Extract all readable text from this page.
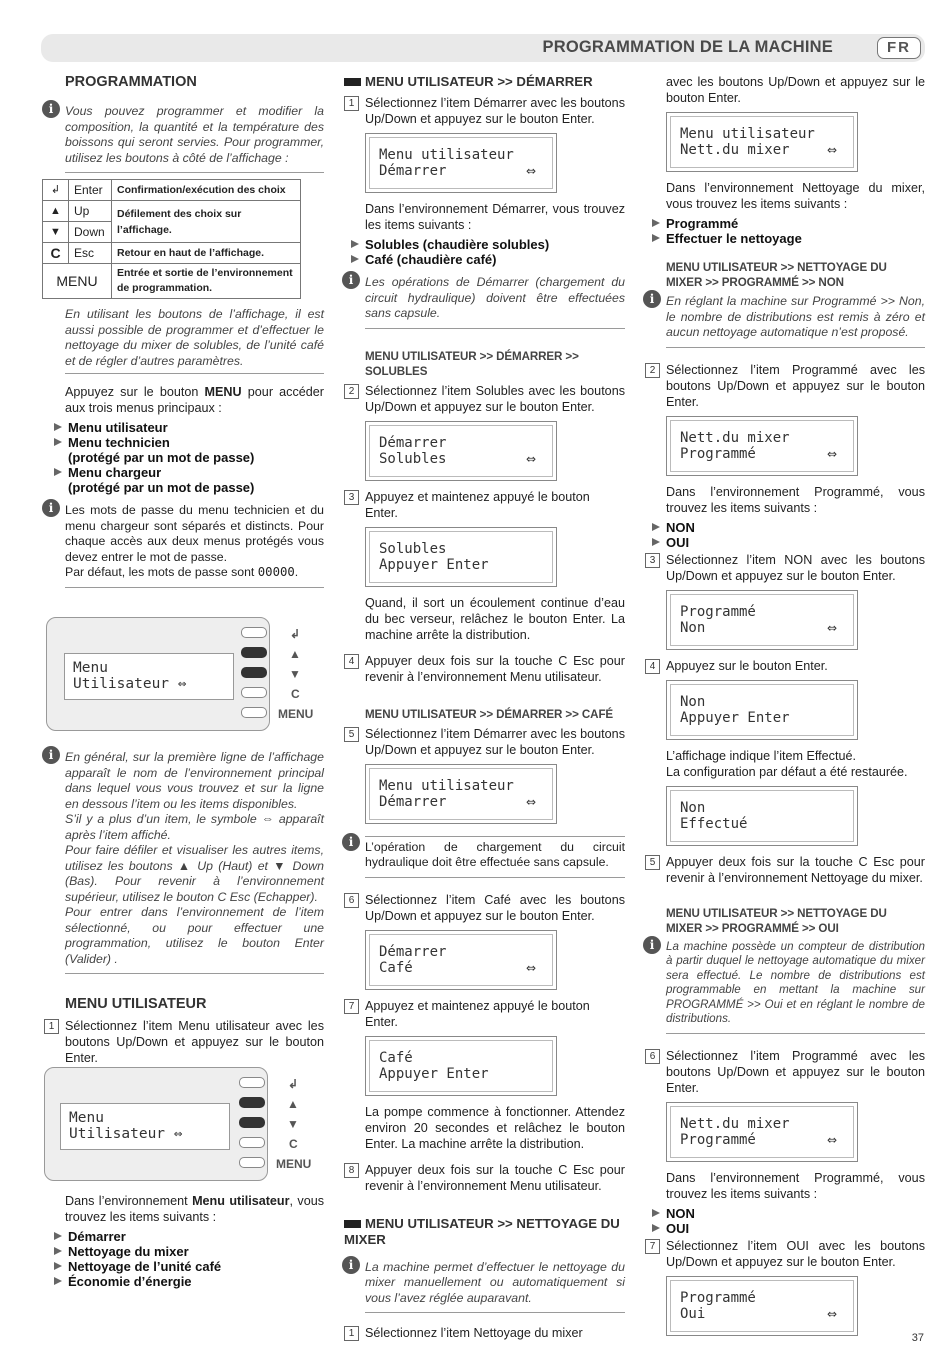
PROGRAMMATION DE LA MACHINE	FR
PROGRAMMATION
i Vous pouvez programmer et modifier la composition, la quantité et la température des boissons qui seront servies. Pour programmer, utilisez les boutons à côté de l’affichage :
↲	Enter	Confirmation/exécution des choix
▲	Up	Défilement des choix sur l’affichage.
▼	Down	
C	Esc	Retour en haut de l’affichage.
MENU		Entrée et sortie de l’environnement de programmation.
En utilisant les boutons de l’affichage, il est aussi possible de programmer et d’effectuer le nettoyage du mixer de solubles, de l’unité café et de régler d’autres paramètres.

Appuyez sur le bouton MENU pour accéder aux trois menus principaux :

Menu utilisateur
Menu technicien
(protégé par un mot de passe)
Menu chargeur
(protégé par un mot de passe)
i Les mots de passe du menu technicien et du menu chargeur sont séparés et distincts. Pour chaque accès aux deux menus protégés vous devez entrer le mot de passe.
Par défaut, les mots de passe sont 00000.
Menu
Utilisateur ⇔
↲
▲
▼
C
MENU
i En général, sur la première ligne de l’affichage apparaît le nom de l’environnement principal dans lequel vous vous trouvez et sur la ligne en dessous l’item ou les items disponibles.
S’il y a plus d’un item, le symbole ⇔ apparaît après l’item affiché.
Pour faire défiler et visualiser les autres items, utilisez les boutons ▲ Up (Haut) et ▼ Down (Bas). Pour revenir à l’environnement supérieur, utilisez le bouton C Esc (Echapper).
Pour entrer dans l’environnement de l’item sélectionné, ou pour effectuer une programmation, utilisez le bouton Enter (Valider) .
MENU UTILISATEUR
1 Sélectionnez l’item Menu utilisateur avec les boutons Up/Down et appuyez sur le bouton Enter.
Menu
Utilisateur ⇔
↲
▲
▼
C
MENU

Dans l’environnement Menu utilisateur, vous trouvez les items suivants :

Démarrer
Nettoyage du mixer
Nettoyage de l’unité café
Économie d’énergie
MENU UTILISATEUR >> DÉMARRER
1 Sélectionnez l’item Démarrer avec les boutons Up/Down et appuyez sur le bouton Enter.
Menu utilisateur
Démarrer	⇔

Dans l’environnement Démarrer, vous trouvez les items suivants :

Solubles (chaudière solubles)
Café (chaudière café)
i Les opérations de Démarrer (chargement du circuit hydraulique) doivent être effectuées sans capsule.
MENU UTILISATEUR >> DÉMARRER >> SOLUBLES
2 Sélectionnez l’item Solubles avec les boutons Up/Down et appuyez sur le bouton Enter.
Démarrer
Solubles	⇔
3 Appuyez et maintenez appuyé le bouton Enter.
Solubles
Appuyer Enter

Quand, il sort un écoulement continue d’eau du bec verseur, relâchez le bouton Enter. La machine arrête la distribution.

4 Appuyer deux fois sur la touche C Esc pour revenir à l’environnement Menu utilisateur.
MENU UTILISATEUR >> DÉMARRER >> CAFÉ
5 Sélectionnez l’item Démarrer avec les boutons Up/Down et appuyez sur le bouton Enter.
Menu utilisateur
Démarrer	⇔
i L’opération de chargement du circuit hydraulique doit être effectuée sans capsule.
6 Sélectionnez l’item Café avec les boutons Up/Down et appuyez sur le bouton Enter.
Démarrer
Café	⇔
7 Appuyez et maintenez appuyé le bouton Enter.
Café
Appuyer Enter

La pompe commence à fonctionner. Attendez environ 20 secondes et relâchez le bouton Enter. La machine arrête la distribution.

8 Appuyer deux fois sur la touche C Esc pour revenir à l’environnement Menu utilisateur.
MENU UTILISATEUR >> NETTOYAGE DU MIXER
i La machine permet d’effectuer le nettoyage du mixer manuellement ou automatiquement si vous l’avez réglée auparavant.
1 Sélectionnez l’item Nettoyage du mixer

avec les boutons Up/Down et appuyez sur le bouton Enter.

Menu utilisateur
Nett.du mixer	⇔

Dans l’environnement Nettoyage du mixer, vous trouvez les items suivants :

Programmé
Effectuer le nettoyage
MENU UTILISATEUR >> NETTOYAGE DU MIXER >> PROGRAMMÉ >> NON
i En réglant la machine sur Programmé >> Non, le nombre de distributions est remis à zéro et aucun nettoyage automatique n’est proposé.
2 Sélectionnez l’item Programmé avec les boutons Up/Down et appuyez sur le bouton Enter.
Nett.du mixer
Programmé	⇔

Dans l’environnement Programmé, vous trouvez les items suivants :

NON
OUI
3 Sélectionnez l’item NON avec les boutons Up/Down et appuyez sur le bouton Enter.
Programmé
Non	⇔
4 Appuyez sur le bouton Enter.
Non
Appuyer Enter

L’affichage indique l’item Effectué.

La configuration par défaut a été restaurée.

Non
Effectué
5 Appuyer deux fois sur la touche C Esc pour revenir à l’environnement Nettoyage du mixer.
MENU UTILISATEUR >> NETTOYAGE DU MIXER >> PROGRAMMÉ >> OUI
i	La machine possède un compteur de distribution à partir duquel le nettoyage automatique du mixer sera effectué. Le nombre de distributions est programmable en mettant la machine sur PROGRAMMÉ >> Oui et en réglant le nombre de distributions.
6 Sélectionnez l’item Programmé avec les boutons Up/Down et appuyez sur le bouton Enter.
Nett.du mixer
Programmé	⇔

Dans l’environnement Programmé, vous trouvez les items suivants :

NON
OUI
7 Sélectionnez l’item OUI avec les boutons Up/Down et appuyez sur le bouton Enter.
Programmé
Oui	⇔
37
